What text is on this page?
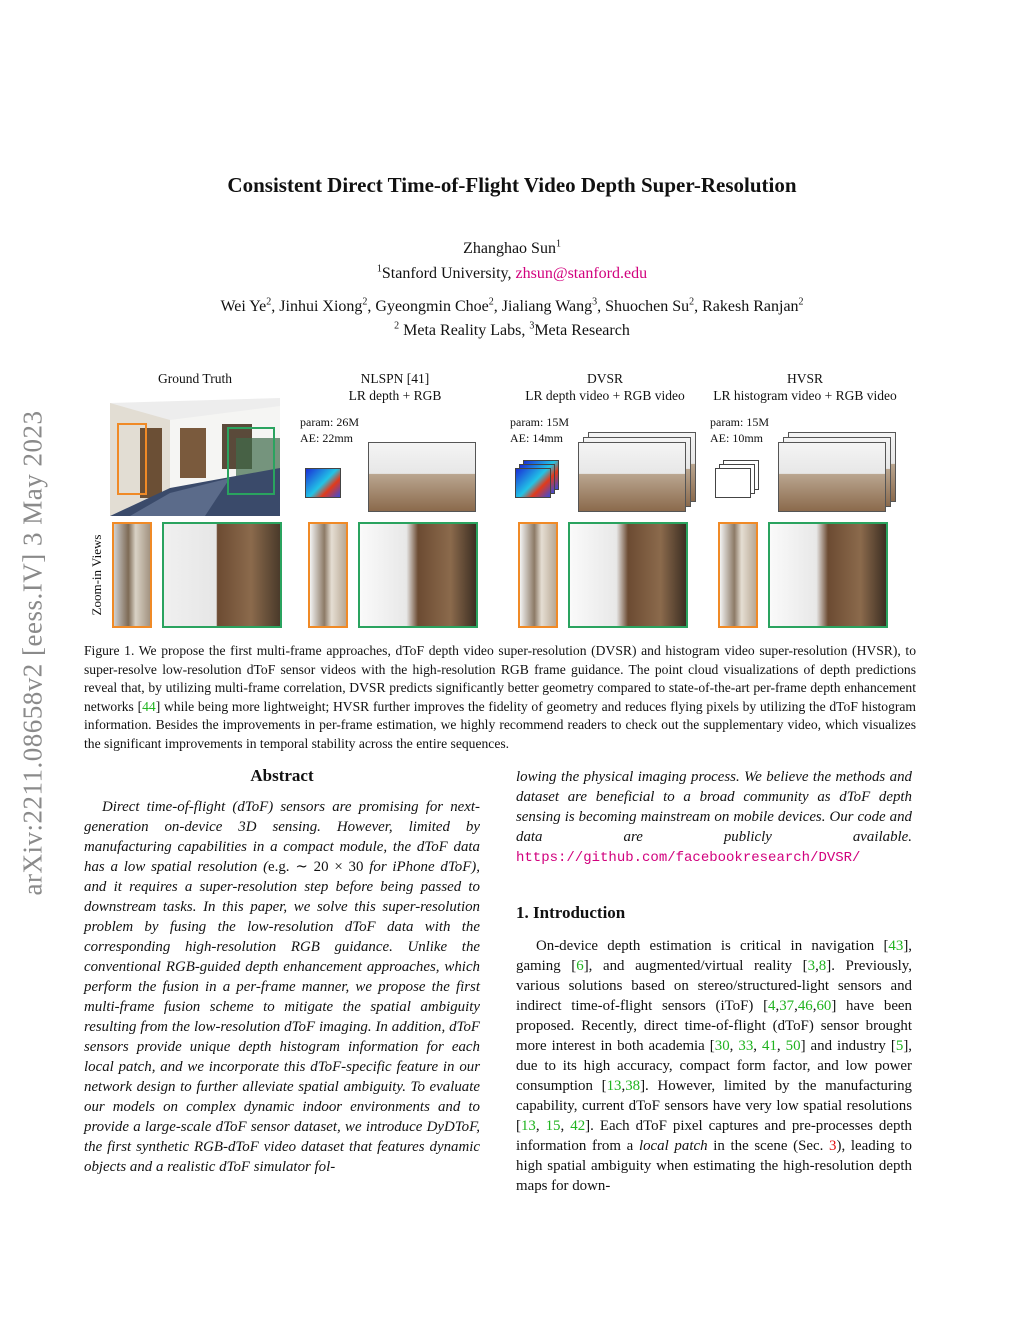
arXiv:2211.08658v2 [eess.IV] 3 May 2023
Consistent Direct Time-of-Flight Video Depth Super-Resolution
Zhanghao Sun$^1$
$^1$Stanford University, zhsun@stanford.edu
Wei Ye$^2$, Jinhui Xiong$^2$, Gyeongmin Choe$^2$, Jialiang Wang$^3$, Shuochen Su$^2$, Rakesh Ranjan$^2$
$^2$ Meta Reality Labs, $^3$Meta Research
Ground Truth
Zoom-in Views
NLSPN [41]
LR depth + RGB
param: 26M
AE: 22mm
DVSR
LR depth video + RGB video
param: 15M
AE: 14mm
HVSR
LR histogram video + RGB video
param: 15M
AE: 10mm
Figure 1. We propose the first multi-frame approaches, dToF depth video super-resolution (DVSR) and histogram video super-resolution (HVSR), to super-resolve low-resolution dToF sensor videos with the high-resolution RGB frame guidance. The point cloud visualizations of depth predictions reveal that, by utilizing multi-frame correlation, DVSR predicts significantly better geometry compared to state-of-the-art per-frame depth enhancement networks [44] while being more lightweight; HVSR further improves the fidelity of geometry and reduces flying pixels by utilizing the dToF histogram information. Besides the improvements in per-frame estimation, we highly recommend readers to check out the supplementary video, which visualizes the significant improvements in temporal stability across the entire sequences.
Abstract
Direct time-of-flight (dToF) sensors are promising for next-generation on-device 3D sensing. However, limited by manufacturing capabilities in a compact module, the dToF data has a low spatial resolution (e.g. ∼ 20 × 30 for iPhone dToF), and it requires a super-resolution step before being passed to downstream tasks. In this paper, we solve this super-resolution problem by fusing the low-resolution dToF data with the corresponding high-resolution RGB guidance. Unlike the conventional RGB-guided depth enhancement approaches, which perform the fusion in a per-frame manner, we propose the first multi-frame fusion scheme to mitigate the spatial ambiguity resulting from the low-resolution dToF imaging. In addition, dToF sensors provide unique depth histogram information for each local patch, and we incorporate this dToF-specific feature in our network design to further alleviate spatial ambiguity. To evaluate our models on complex dynamic indoor environments and to provide a large-scale dToF sensor dataset, we introduce DyDToF, the first synthetic RGB-dToF video dataset that features dynamic objects and a realistic dToF simulator fol-
lowing the physical imaging process. We believe the methods and dataset are beneficial to a broad community as dToF depth sensing is becoming mainstream on mobile devices. Our code and data are publicly available. https://github.com/facebookresearch/DVSR/
1. Introduction
On-device depth estimation is critical in navigation [43], gaming [6], and augmented/virtual reality [3,8]. Previously, various solutions based on stereo/structured-light sensors and indirect time-of-flight sensors (iToF) [4,37,46,60] have been proposed. Recently, direct time-of-flight (dToF) sensor brought more interest in both academia [30, 33, 41, 50] and industry [5], due to its high accuracy, compact form factor, and low power consumption [13,38]. However, limited by the manufacturing capability, current dToF sensors have very low spatial resolutions [13, 15, 42]. Each dToF pixel captures and pre-processes depth information from a local patch in the scene (Sec. 3), leading to high spatial ambiguity when estimating the high-resolution depth maps for down-
